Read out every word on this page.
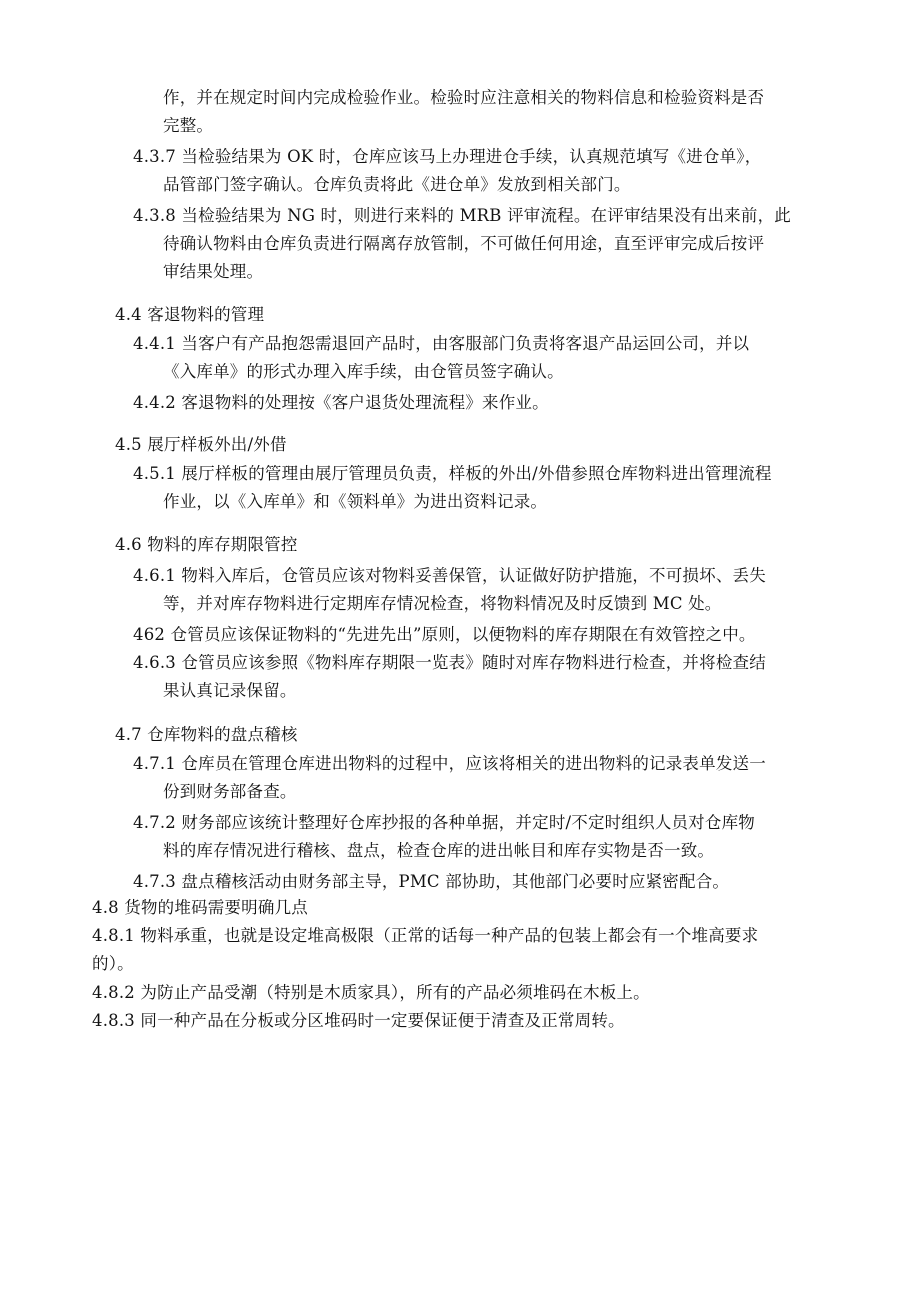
作，并在规定时间内完成检验作业。检验时应注意相关的物料信息和检验资料是否
完整。
4.3.7 当检验结果为 OK 时，仓库应该马上办理进仓手续，认真规范填写《进仓单》，
品管部门签字确认。仓库负责将此《进仓单》发放到相关部门。
4.3.8 当检验结果为 NG 时，则进行来料的 MRB 评审流程。在评审结果没有出来前，此
待确认物料由仓库负责进行隔离存放管制，不可做任何用途，直至评审完成后按评
审结果处理。
4.4 客退物料的管理
4.4.1 当客户有产品抱怨需退回产品时，由客服部门负责将客退产品运回公司，并以
《入库单》的形式办理入库手续，由仓管员签字确认。
4.4.2 客退物料的处理按《客户退货处理流程》来作业。
4.5 展厅样板外出/外借
4.5.1 展厅样板的管理由展厅管理员负责，样板的外出/外借参照仓库物料进出管理流程
作业，以《入库单》和《领料单》为进出资料记录。
4.6 物料的库存期限管控
4.6.1 物料入库后，仓管员应该对物料妥善保管，认证做好防护措施，不可损坏、丢失
等，并对库存物料进行定期库存情况检查，将物料情况及时反馈到 MC 处。
462 仓管员应该保证物料的“先进先出”原则，以便物料的库存期限在有效管控之中。
4.6.3 仓管员应该参照《物料库存期限一览表》随时对库存物料进行检查，并将检查结
果认真记录保留。
4.7 仓库物料的盘点稽核
4.7.1 仓库员在管理仓库进出物料的过程中，应该将相关的进出物料的记录表单发送一
份到财务部备查。
4.7.2 财务部应该统计整理好仓库抄报的各种单据，并定时/不定时组织人员对仓库物
料的库存情况进行稽核、盘点，检查仓库的进出帐目和库存实物是否一致。
4.7.3 盘点稽核活动由财务部主导，PMC 部协助，其他部门必要时应紧密配合。
4.8 货物的堆码需要明确几点
4.8.1 物料承重，也就是设定堆高极限（正常的话每一种产品的包装上都会有一个堆高要求
的）。
4.8.2 为防止产品受潮（特别是木质家具），所有的产品必须堆码在木板上。
4.8.3 同一种产品在分板或分区堆码时一定要保证便于清查及正常周转。
